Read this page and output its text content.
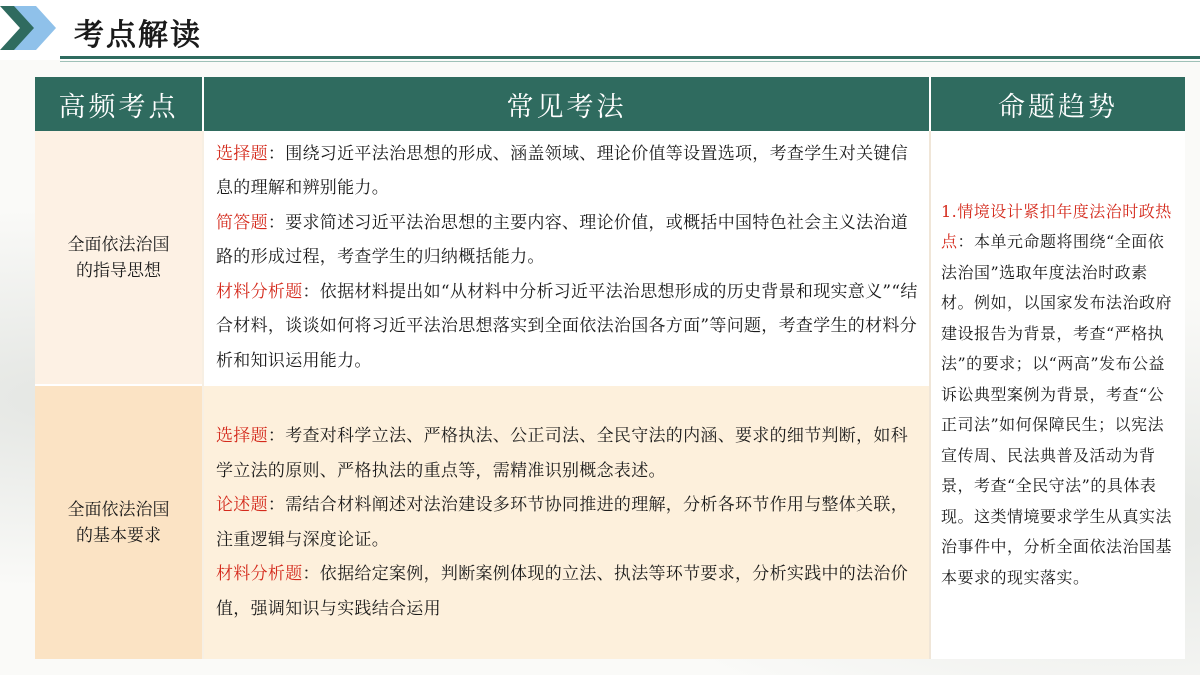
考点解读
高频考点	常见考法	命题趋势

全面依法治国
的指导思想	选择题：围绕习近平法治思想的形成、涵盖领域、理论价值等设置选项，考查学生对关键信息的理解和辨别能力。
简答题：要求简述习近平法治思想的主要内容、理论价值，或概括中国特色社会主义法治道路的形成过程，考查学生的归纳概括能力。
材料分析题：依据材料提出如“从材料中分析习近平法治思想形成的历史背景和现实意义”“结合材料，谈谈如何将习近平法治思想落实到全面依法治国各方面”等问题，考查学生的材料分析和知识运用能力。	1.情境设计紧扣年度法治时政热点：本单元命题将围绕“全面依法治国”选取年度法治时政素材。例如，以国家发布法治政府建设报告为背景，考查“严格执法”的要求；以“两高”发布公益诉讼典型案例为背景，考查“公正司法”如何保障民生；以宪法宣传周、民法典普及活动为背景，考查“全民守法”的具体表现。这类情境要求学生从真实法治事件中，分析全面依法治国基本要求的现实落实。

全面依法治国
的基本要求	选择题：考查对科学立法、严格执法、公正司法、全民守法的内涵、要求的细节判断，如科学立法的原则、严格执法的重点等，需精准识别概念表述。
论述题：需结合材料阐述对法治建设多环节协同推进的理解，分析各环节作用与整体关联，注重逻辑与深度论证。
材料分析题：依据给定案例，判断案例体现的立法、执法等环节要求，分析实践中的法治价值，强调知识与实践结合运用	
